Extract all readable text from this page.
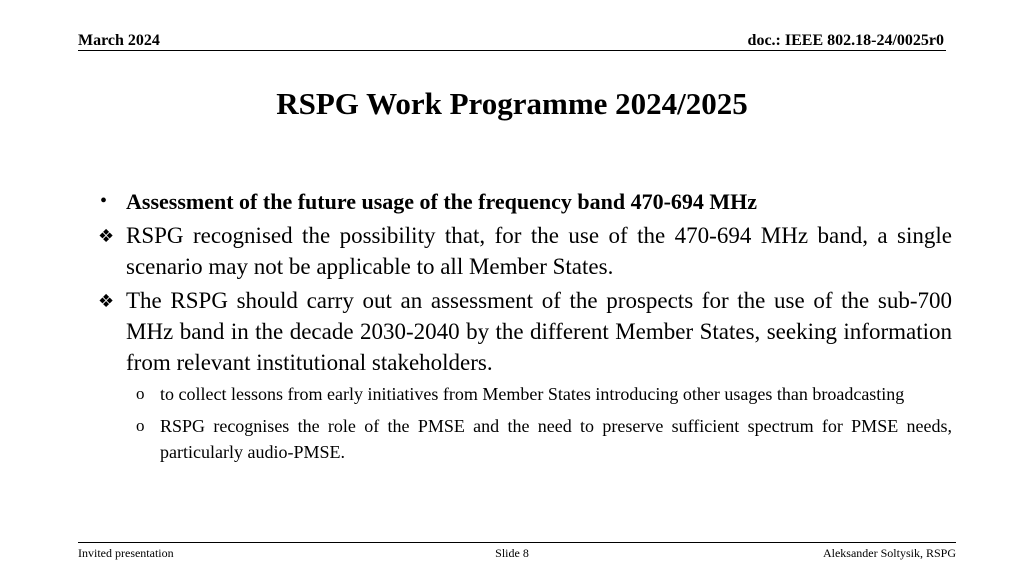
March 2024	doc.: IEEE 802.18-24/0025r0
RSPG Work Programme 2024/2025
• Assessment of the future usage of the frequency band 470-694 MHz
❖ RSPG recognised the possibility that, for the use of the 470-694 MHz band, a single scenario may not be applicable to all Member States.
❖ The RSPG should carry out an assessment of the prospects for the use of the sub-700 MHz band in the decade 2030-2040 by the different Member States, seeking information from relevant institutional stakeholders.
o to collect lessons from early initiatives from Member States introducing other usages than broadcasting
o RSPG recognises the role of the PMSE and the need to preserve sufficient spectrum for PMSE needs, particularly audio-PMSE.
Invited presentation	Slide 8	Aleksander Soltysik, RSPG
